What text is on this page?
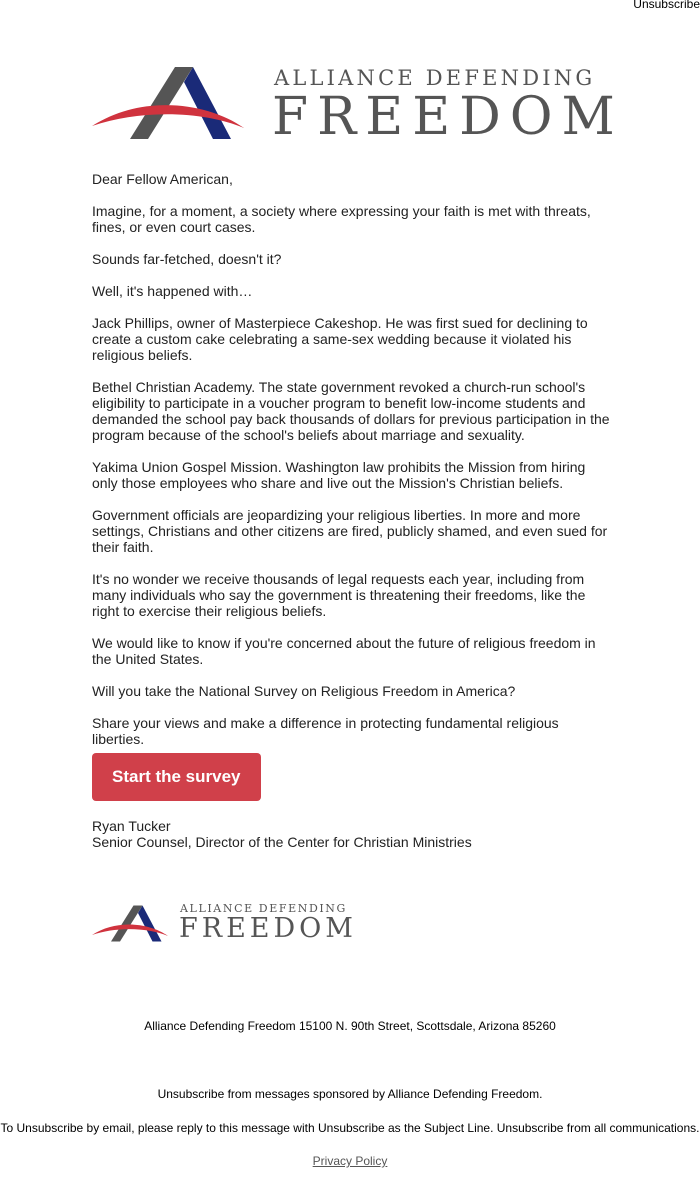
Unsubscribe
ALLIANCE DEFENDING
FREEDOM

Dear Fellow American,

Imagine, for a moment, a society where expressing your faith is met with threats, fines, or even court cases.

Sounds far-fetched, doesn't it?

Well, it's happened with…

Jack Phillips, owner of Masterpiece Cakeshop. He was first sued for declining to create a custom cake celebrating a same-sex wedding because it violated his religious beliefs.

Bethel Christian Academy. The state government revoked a church-run school's eligibility to participate in a voucher program to benefit low-income students and demanded the school pay back thousands of dollars for previous participation in the program because of the school's beliefs about marriage and sexuality.

Yakima Union Gospel Mission. Washington law prohibits the Mission from hiring only those employees who share and live out the Mission's Christian beliefs.

Government officials are jeopardizing your religious liberties. In more and more settings, Christians and other citizens are fired, publicly shamed, and even sued for their faith.

It's no wonder we receive thousands of legal requests each year, including from many individuals who say the government is threatening their freedoms, like the right to exercise their religious beliefs.

We would like to know if you're concerned about the future of religious freedom in the United States.

Will you take the National Survey on Religious Freedom in America?

Share your views and make a difference in protecting fundamental religious liberties.

Start the survey
Ryan Tucker
Senior Counsel, Director of the Center for Christian Ministries
ALLIANCE DEFENDING
FREEDOM
Alliance Defending Freedom 15100 N. 90th Street, Scottsdale, Arizona 85260
Unsubscribe from messages sponsored by Alliance Defending Freedom.
To Unsubscribe by email, please reply to this message with Unsubscribe as the Subject Line. Unsubscribe from all communications.
Privacy Policy
